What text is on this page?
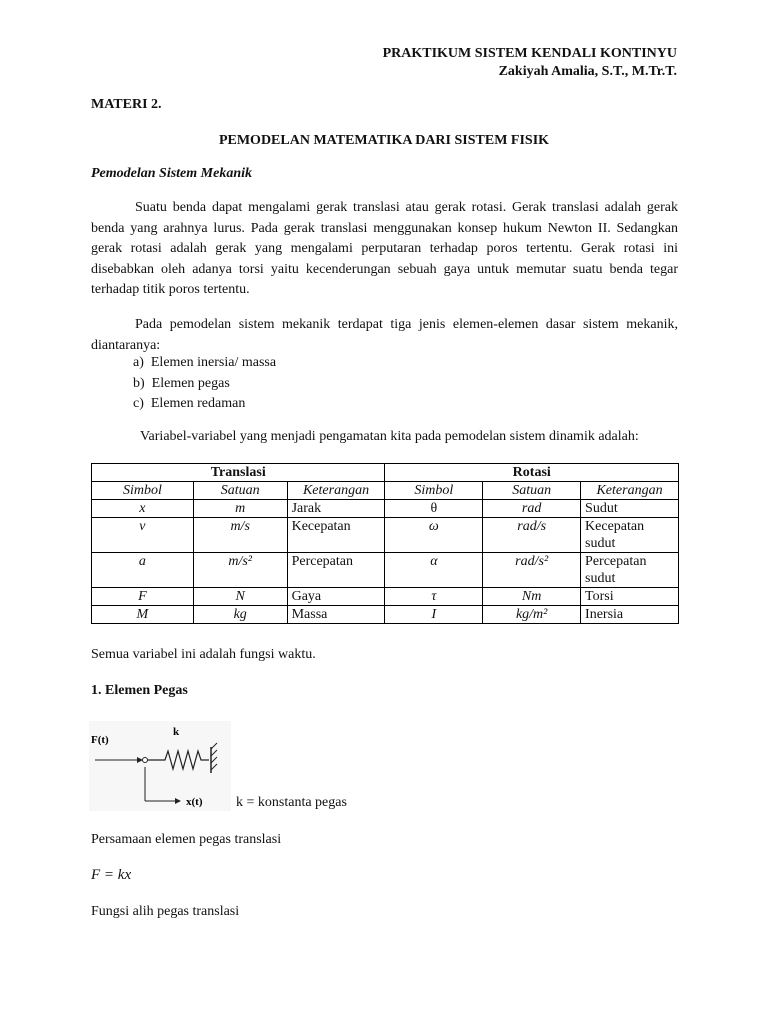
PRAKTIKUM SISTEM KENDALI KONTINYU
Zakiyah Amalia, S.T., M.Tr.T.
MATERI 2.
PEMODELAN MATEMATIKA DARI SISTEM FISIK
Pemodelan Sistem Mekanik
Suatu benda dapat mengalami gerak translasi atau gerak rotasi. Gerak translasi adalah gerak benda yang arahnya lurus. Pada gerak translasi menggunakan konsep hukum Newton II. Sedangkan gerak rotasi adalah gerak yang mengalami perputaran terhadap poros tertentu. Gerak rotasi ini disebabkan oleh adanya torsi yaitu kecenderungan sebuah gaya untuk memutar suatu benda tegar terhadap titik poros tertentu.
Pada pemodelan sistem mekanik terdapat tiga jenis elemen-elemen dasar sistem mekanik, diantaranya:
a)  Elemen inersia/ massa
b)  Elemen pegas
c)  Elemen redaman
Variabel-variabel yang menjadi pengamatan kita pada pemodelan sistem dinamik adalah:
Translasi			Rotasi		
Simbol	Satuan	Keterangan	Simbol	Satuan	Keterangan
x	m	Jarak	θ	rad	Sudut
v	m/s	Kecepatan	ω	rad/s	Kecepatan sudut
a	m/s²	Percepatan	α	rad/s²	Percepatan sudut
F	N	Gaya	τ	Nm	Torsi
M	kg	Massa	I	kg/m²	Inersia
Semua variabel ini adalah fungsi waktu.
1. Elemen Pegas
F(t)
k
x(t) k = konstanta pegas
Persamaan elemen pegas translasi
F = kx
Fungsi alih pegas translasi
